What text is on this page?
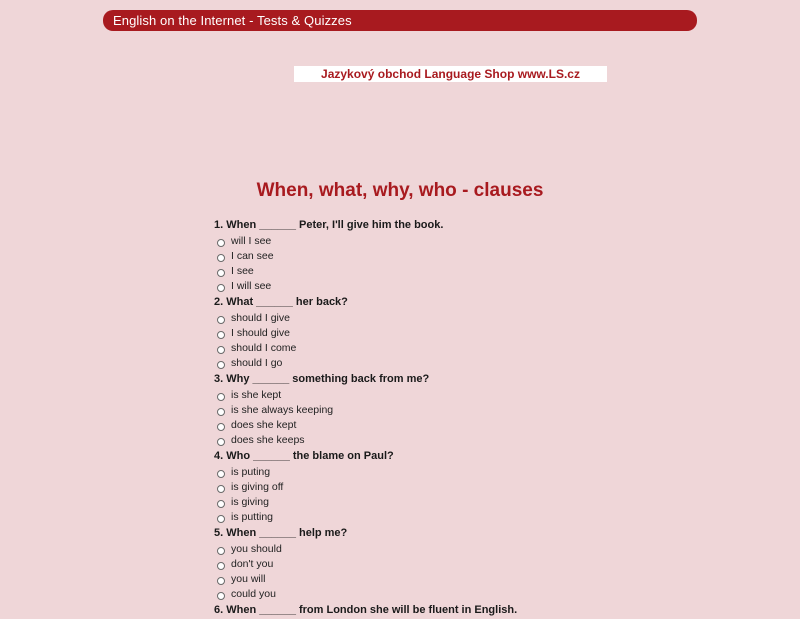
English on the Internet - Tests & Quizzes
Jazykový obchod Language Shop www.LS.cz
When, what, why, who - clauses
1. When ______ Peter, I'll give him the book.
will I see
I can see
I see
I will see
2. What ______ her back?
should I give
I should give
should I come
should I go
3. Why ______ something back from me?
is she kept
is she always keeping
does she kept
does she keeps
4. Who ______ the blame on Paul?
is puting
is giving off
is giving
is putting
5. When ______ help me?
you should
don't you
you will
could you
6. When ______ from London she will be fluent in English.
